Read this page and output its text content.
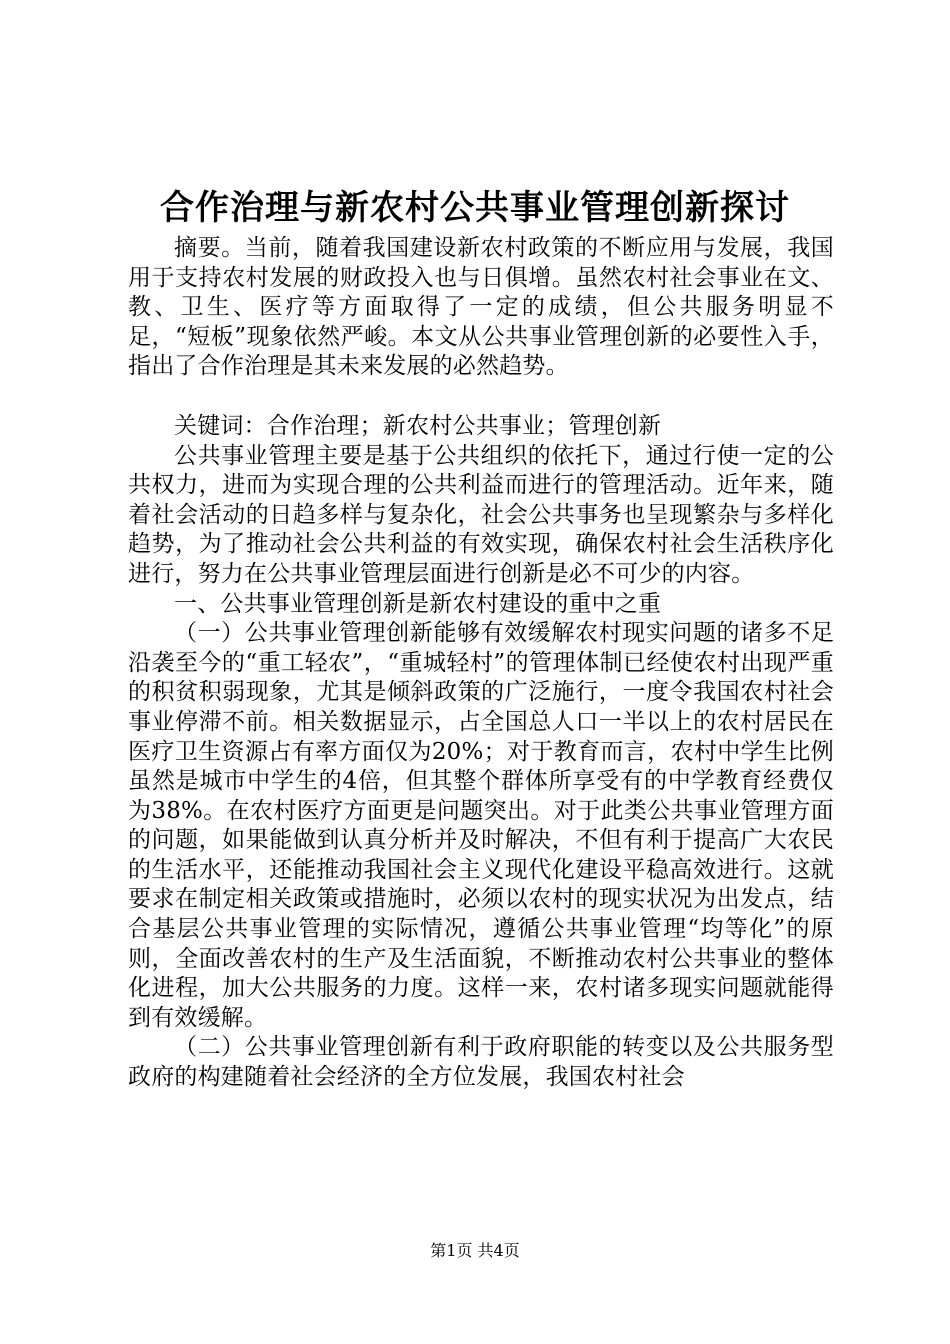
合作治理与新农村公共事业管理创新探讨

摘要。当前，随着我国建设新农村政策的不断应用与发展，我国用于支持农村发展的财政投入也与日俱增。虽然农村社会事业在文、教、卫生、医疗等方面取得了一定的成绩，但公共服务明显不足，“短板”现象依然严峻。本文从公共事业管理创新的必要性入手，指出了合作治理是其未来发展的必然趋势。

关键词：合作治理；新农村公共事业；管理创新

公共事业管理主要是基于公共组织的依托下，通过行使一定的公共权力，进而为实现合理的公共利益而进行的管理活动。近年来，随着社会活动的日趋多样与复杂化，社会公共事务也呈现繁杂与多样化趋势，为了推动社会公共利益的有效实现，确保农村社会生活秩序化进行，努力在公共事业管理层面进行创新是必不可少的内容。

一、公共事业管理创新是新农村建设的重中之重

（一）公共事业管理创新能够有效缓解农村现实问题的诸多不足沿袭至今的“重工轻农”，“重城轻村”的管理体制已经使农村出现严重的积贫积弱现象，尤其是倾斜政策的广泛施行，一度令我国农村社会事业停滞不前。相关数据显示，占全国总人口一半以上的农村居民在医疗卫生资源占有率方面仅为20%；对于教育而言，农村中学生比例虽然是城市中学生的4倍，但其整个群体所享受有的中学教育经费仅为38%。在农村医疗方面更是问题突出。对于此类公共事业管理方面的问题，如果能做到认真分析并及时解决，不但有利于提高广大农民的生活水平，还能推动我国社会主义现代化建设平稳高效进行。这就要求在制定相关政策或措施时，必须以农村的现实状况为出发点，结合基层公共事业管理的实际情况，遵循公共事业管理“均等化”的原则，全面改善农村的生产及生活面貌，不断推动农村公共事业的整体化进程，加大公共服务的力度。这样一来，农村诸多现实问题就能得到有效缓解。

（二）公共事业管理创新有利于政府职能的转变以及公共服务型政府的构建随着社会经济的全方位发展，我国农村社会

第1页 共4页
